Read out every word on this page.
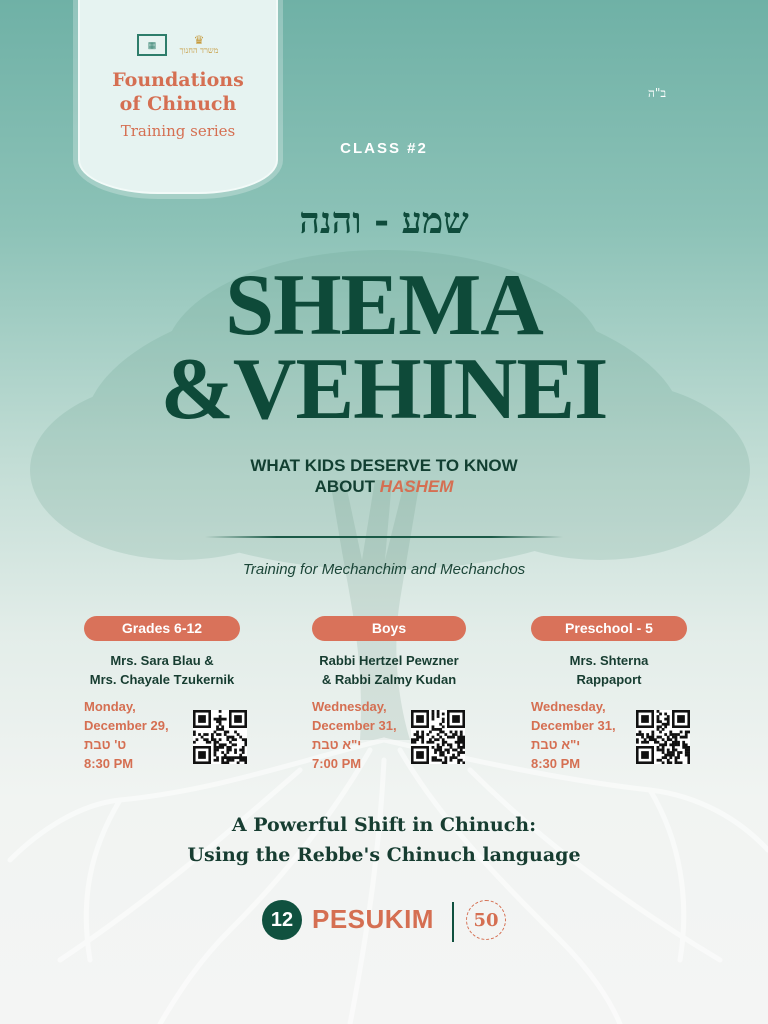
▦	♛
משרד החנוך
Foundations
of Chinuch
Training series
ב"ה
CLASS #2
שמע - והנה
SHEMA
&VEHINEI
WHAT KIDS DESERVE TO KNOW
ABOUT HASHEM
Training for Mechanchim and Mechanchos
Grades 6-12
Mrs. Sara Blau &
Mrs. Chayale Tzukernik
Monday,
December 29,
ט' טבת
8:30 PM
Boys
Rabbi Hertzel Pewzner
& Rabbi Zalmy Kudan
Wednesday,
December 31,
י"א טבת
7:00 PM
Preschool - 5
Mrs. Shterna
Rappaport
Wednesday,
December 31,
י"א טבת
8:30 PM
A Powerful Shift in Chinuch:
Using the Rebbe's Chinuch language
12 PESUKIM	50
